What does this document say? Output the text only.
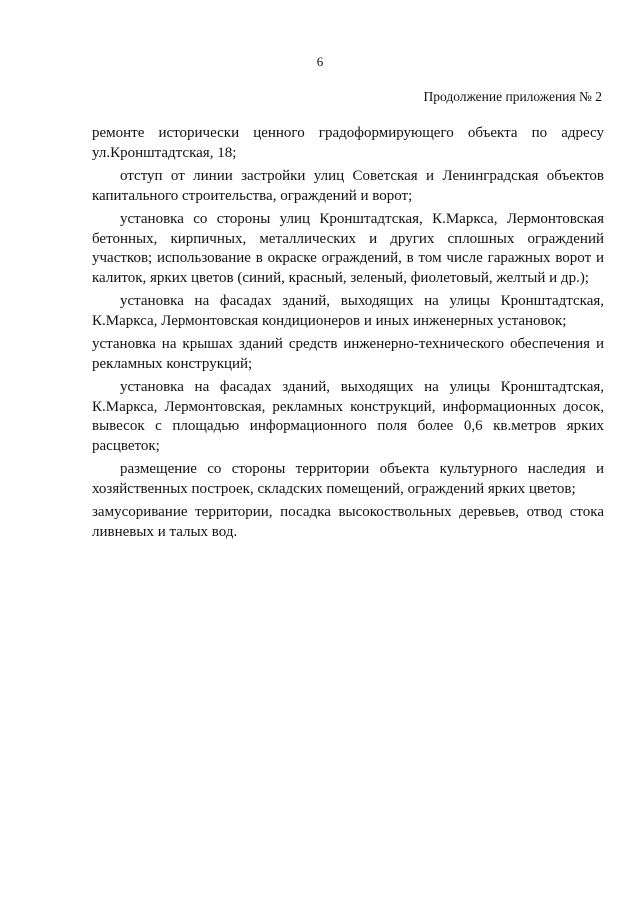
6
Продолжение приложения № 2

ремонте исторически ценного градоформирующего объекта по адресу ул.Кронштадтская, 18;

отступ от линии застройки улиц Советская и Ленинградская объектов капитального строительства, ограждений и ворот;

установка со стороны улиц Кронштадтская, К.Маркса, Лермонтовская бетонных, кирпичных, металлических и других сплошных ограждений участков; использование в окраске ограждений, в том числе гаражных ворот и калиток, ярких цветов (синий, красный, зеленый, фиолетовый, желтый и др.);

установка на фасадах зданий, выходящих на улицы Кронштадтская, К.Маркса, Лермонтовская кондиционеров и иных инженерных установок;

установка на крышах зданий средств инженерно-технического обеспечения и рекламных конструкций;

установка на фасадах зданий, выходящих на улицы Кронштадтская, К.Маркса, Лермонтовская, рекламных конструкций, информационных досок, вывесок с площадью информационного поля более 0,6 кв.метров ярких расцветок;

размещение со стороны территории объекта культурного наследия и хозяйственных построек, складских помещений, ограждений ярких цветов;

замусоривание территории, посадка высокоствольных деревьев, отвод стока ливневых и талых вод.
